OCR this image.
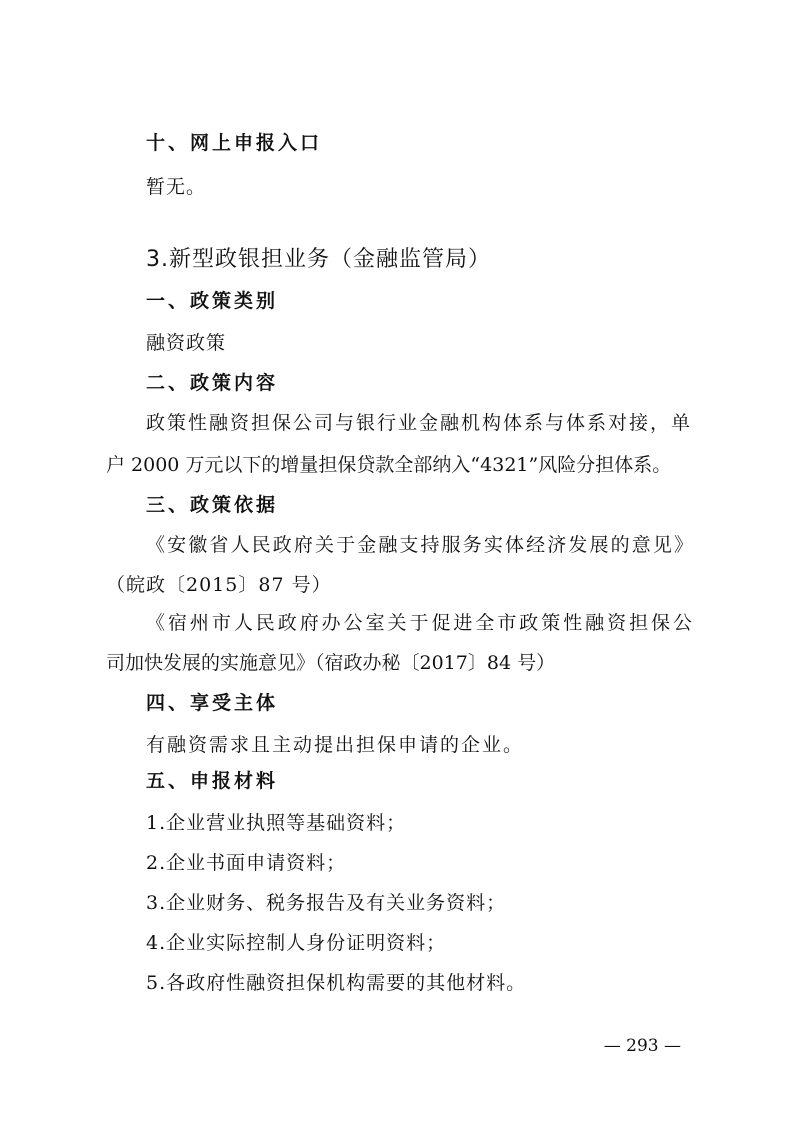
十、网上申报入口
暂无。
3.新型政银担业务（金融监管局）
一、政策类别
融资政策
二、政策内容
政策性融资担保公司与银行业金融机构体系与体系对接，单
户 2000 万元以下的增量担保贷款全部纳入“4321”风险分担体系。
三、政策依据
《安徽省人民政府关于金融支持服务实体经济发展的意见》
（皖政〔2015〕87 号）
《宿州市人民政府办公室关于促进全市政策性融资担保公
司加快发展的实施意见》（宿政办秘〔2017〕84 号）
四、享受主体
有融资需求且主动提出担保申请的企业。
五、申报材料
1.企业营业执照等基础资料；
2.企业书面申请资料；
3.企业财务、税务报告及有关业务资料；
4.企业实际控制人身份证明资料；
5.各政府性融资担保机构需要的其他材料。
— 293 —
